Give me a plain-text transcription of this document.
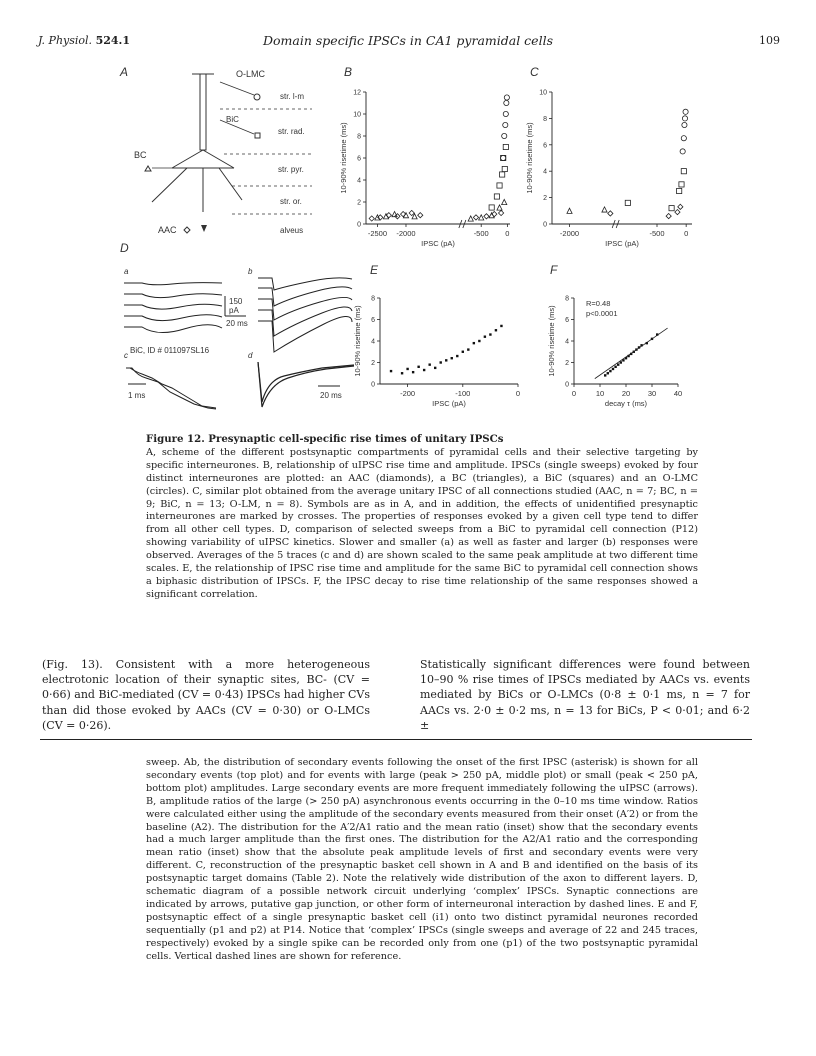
J. Physiol. 524.1	Domain specific IPSCs in CA1 pyramidal cells	109
A	O-LMC
BiC
BC
AAC
str. l-m
str. rad.
str. pyr.
str. or.
alveus
B
0
2
4
6
8
10
12
-2500 -2000	-500 0
IPSC (pA)
10-90% risetime (ms)
C
0
2
4
6
8
10
-2000	-500	0
IPSC (pA)
10-90% risetime (ms)
D
a	b
c	d
150
pA
20 ms
BiC, ID # 011097SL16
1 ms	20 ms
E
0
2
4
6
8
-200	-100	0
IPSC (pA)
10-90% risetime (ms)
F
0
2
4
6
8
0	10 20 30 40
decay τ (ms)
10-90% risetime (ms)
R=0.48
p<0.0001

Figure 12. Presynaptic cell-specific rise times of unitary IPSCs

A, scheme of the different postsynaptic compartments of pyramidal cells and their selective targeting by specific interneurones. B, relationship of uIPSC rise time and amplitude. IPSCs (single sweeps) evoked by four distinct interneurones are plotted: an AAC (diamonds), a BC (triangles), a BiC (squares) and an O-LMC (circles). C, similar plot obtained from the average unitary IPSC of all connections studied (AAC, n = 7; BC, n = 9; BiC, n = 13; O-LM, n = 8). Symbols are as in A, and in addition, the effects of unidentified presynaptic interneurones are marked by crosses. The properties of responses evoked by a given cell type tend to differ from all other cell types. D, comparison of selected sweeps from a BiC to pyramidal cell connection (P12) showing variability of uIPSC kinetics. Slower and smaller (a) as well as faster and larger (b) responses were observed. Averages of the 5 traces (c and d) are shown scaled to the same peak amplitude at two different time scales. E, the relationship of IPSC rise time and amplitude for the same BiC to pyramidal cell connection shows a biphasic distribution of IPSCs. F, the IPSC decay to rise time relationship of the same responses showed a significant correlation.

(Fig. 13). Consistent with a more heterogeneous electrotonic location of their synaptic sites, BC- (CV = 0·66) and BiC-mediated (CV = 0·43) IPSCs had higher CVs than did those evoked by AACs (CV = 0·30) or O-LMCs (CV = 0·26).
Statistically significant differences were found between 10–90 % rise times of IPSCs mediated by AACs vs. events mediated by BiCs or O-LMCs (0·8 ± 0·1 ms, n = 7 for AACs vs. 2·0 ± 0·2 ms, n = 13 for BiCs, P < 0·01; and 6·2 ±

sweep. Ab, the distribution of secondary events following the onset of the first IPSC (asterisk) is shown for all secondary events (top plot) and for events with large (peak > 250 pA, middle plot) or small (peak < 250 pA, bottom plot) amplitudes. Large secondary events are more frequent immediately following the uIPSC (arrows). B, amplitude ratios of the large (> 250 pA) asynchronous events occurring in the 0–10 ms time window. Ratios were calculated either using the amplitude of the secondary events measured from their onset (A′2) or from the baseline (A2). The distribution for the A′2/A1 ratio and the mean ratio (inset) show that the secondary events had a much larger amplitude than the first ones. The distribution for the A2/A1 ratio and the corresponding mean ratio (inset) show that the absolute peak amplitude levels of first and secondary events were very different. C, reconstruction of the presynaptic basket cell shown in A and B and identified on the basis of its postsynaptic target domains (Table 2). Note the relatively wide distribution of the axon to different layers. D, schematic diagram of a possible network circuit underlying ‘complex’ IPSCs. Synaptic connections are indicated by arrows, putative gap junction, or other form of interneuronal interaction by dashed lines. E and F, postsynaptic effect of a single presynaptic basket cell (i1) onto two distinct pyramidal neurones recorded sequentially (p1 and p2) at P14. Notice that ‘complex’ IPSCs (single sweeps and average of 22 and 245 traces, respectively) evoked by a single spike can be recorded only from one (p1) of the two postsynaptic pyramidal cells. Vertical dashed lines are shown for reference.
